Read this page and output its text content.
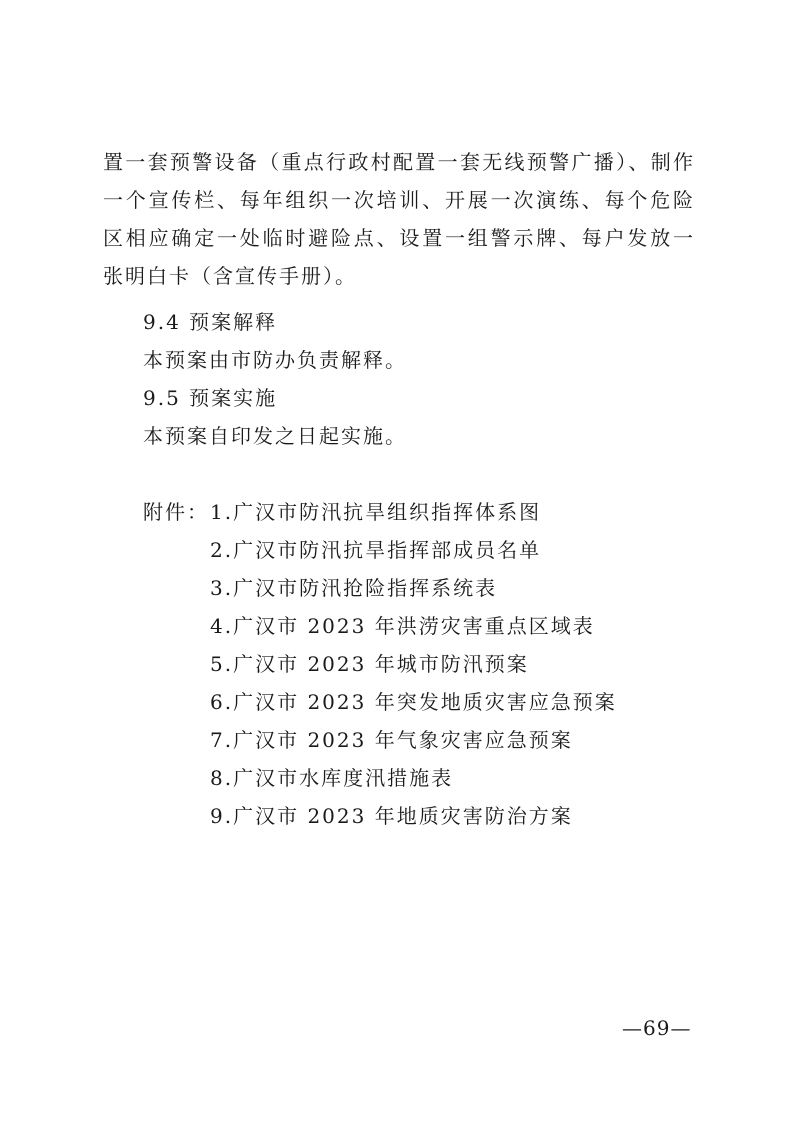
置一套预警设备（重点行政村配置一套无线预警广播）、制作一个宣传栏、每年组织一次培训、开展一次演练、每个危险区相应确定一处临时避险点、设置一组警示牌、每户发放一张明白卡（含宣传手册）。
9.4 预案解释
本预案由市防办负责解释。
9.5 预案实施
本预案自印发之日起实施。
附件： 1.广汉市防汛抗旱组织指挥体系图
2.广汉市防汛抗旱指挥部成员名单
3.广汉市防汛抢险指挥系统表
4.广汉市 2023 年洪涝灾害重点区域表
5.广汉市 2023 年城市防汛预案
6.广汉市 2023 年突发地质灾害应急预案
7.广汉市 2023 年气象灾害应急预案
8.广汉市水库度汛措施表
9.广汉市 2023 年地质灾害防治方案
—69—
